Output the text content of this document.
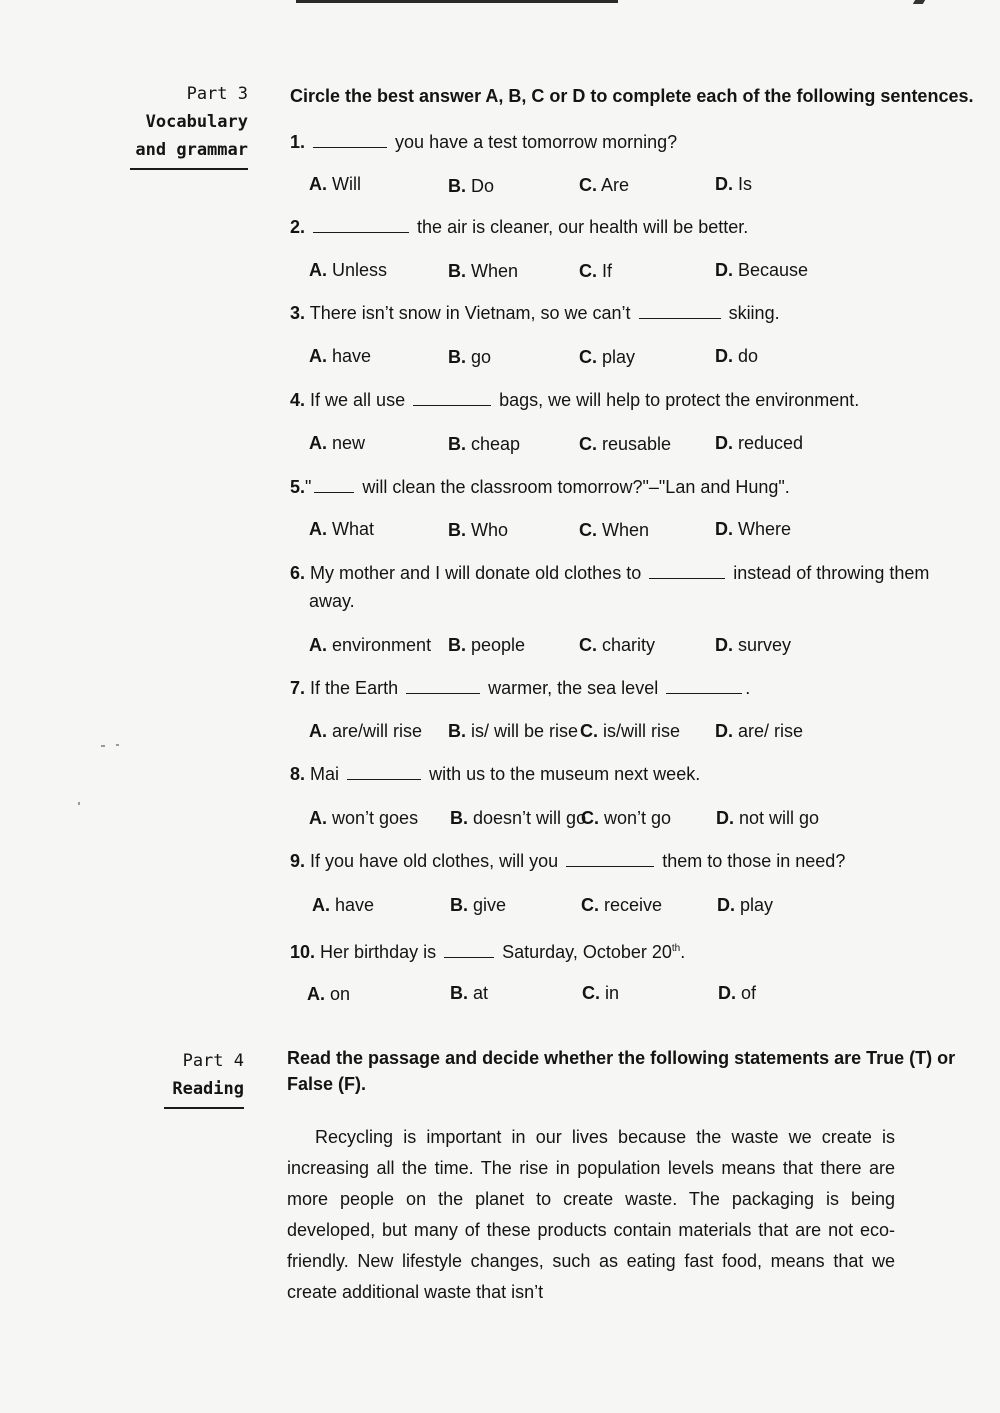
Part 3
Vocabulary
and grammar
Circle the best answer A, B, C or D to complete each of the following sentences.
1.	you have a test tomorrow morning?
A. Will	B. Do	C. Are	D. Is
2.	the air is cleaner, our health will be better.
A. Unless	B. When	C. If	D. Because
3. There isn’t snow in Vietnam, so we can’t	skiing.
A. have	B. go	C. play	D. do
4. If we all use	bags, we will help to protect the environment.
A. new	B. cheap	C. reusable D. reduced
5."	will clean the classroom tomorrow?"–"Lan and Hung".
A. What	B. Who	C. When	D. Where
6. My mother and I will donate old clothes to	instead of throwing them
away.
A. environment B. people	C. charity	D. survey
7. If the Earth	warmer, the sea level	.
A. are/will rise B. is/ will be rise C. is/will rise D. are/ rise
8. Mai	with us to the museum next week.
A. won’t goes B. doesn’t will go
C. won’t go D. not will go
9. If you have old clothes, will you	them to those in need?
A. have	B. give	C. receive	D. play
10. Her birthday is	Saturday, October 20th.
A. on	B. at	C. in	D. of
Part 4
Reading
Read the passage and decide whether the following statements are True (T) or
False (F).

Recycling is important in our lives because the waste we create is increasing all the time. The rise in population levels means that there are more people on the planet to create waste. The packaging is being developed, but many of these products contain materials that are not eco- friendly. New lifestyle changes, such as eating fast food, means that we create additional waste that isn’t
